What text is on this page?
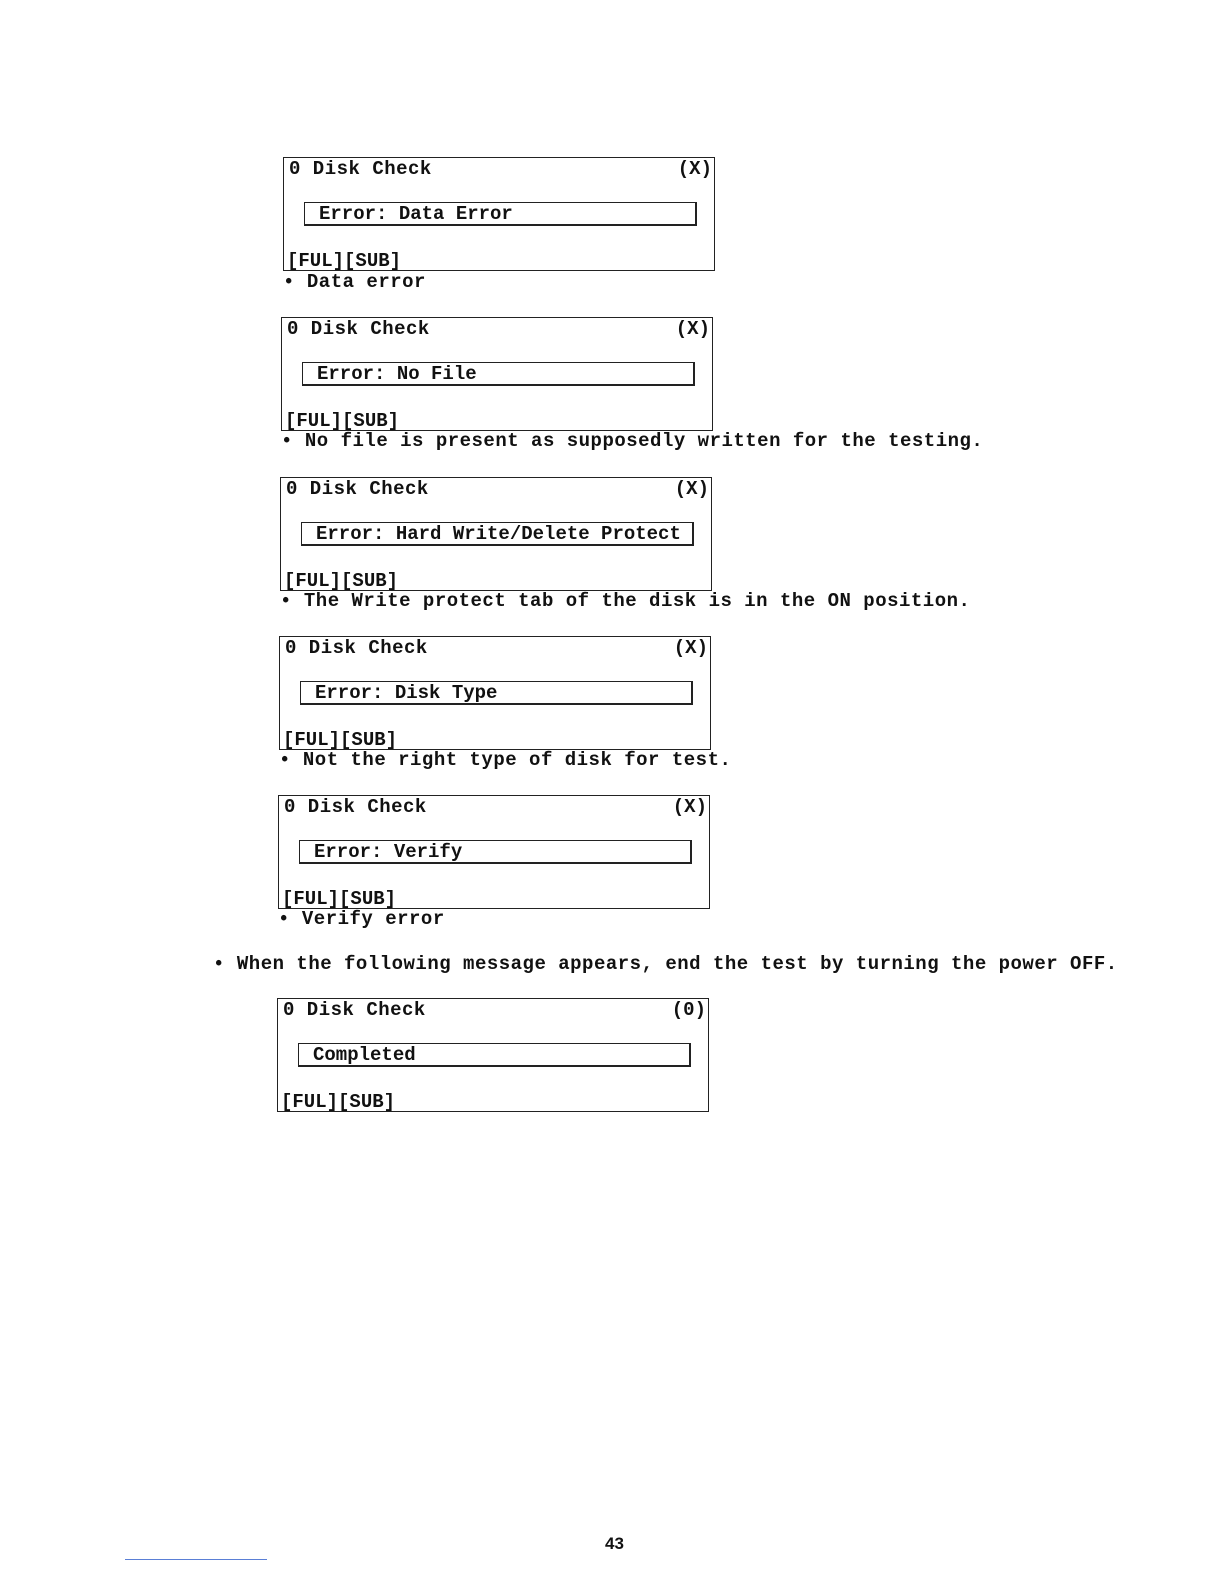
0 Disk Check	(X)
Error: Data Error
[FUL][SUB]
• Data error
0 Disk Check	(X)
Error: No File
[FUL][SUB]
• No file is present as supposedly written for the testing.
0 Disk Check	(X)
Error: Hard Write/Delete Protect
[FUL][SUB]
• The Write protect tab of the disk is in the ON position.
0 Disk Check	(X)
Error: Disk Type
[FUL][SUB]
• Not the right type of disk for test.
0 Disk Check	(X)
Error: Verify
[FUL][SUB]
• Verify error
• When the following message appears, end the test by turning the power OFF.
0 Disk Check	(0)
Completed
[FUL][SUB]
43
